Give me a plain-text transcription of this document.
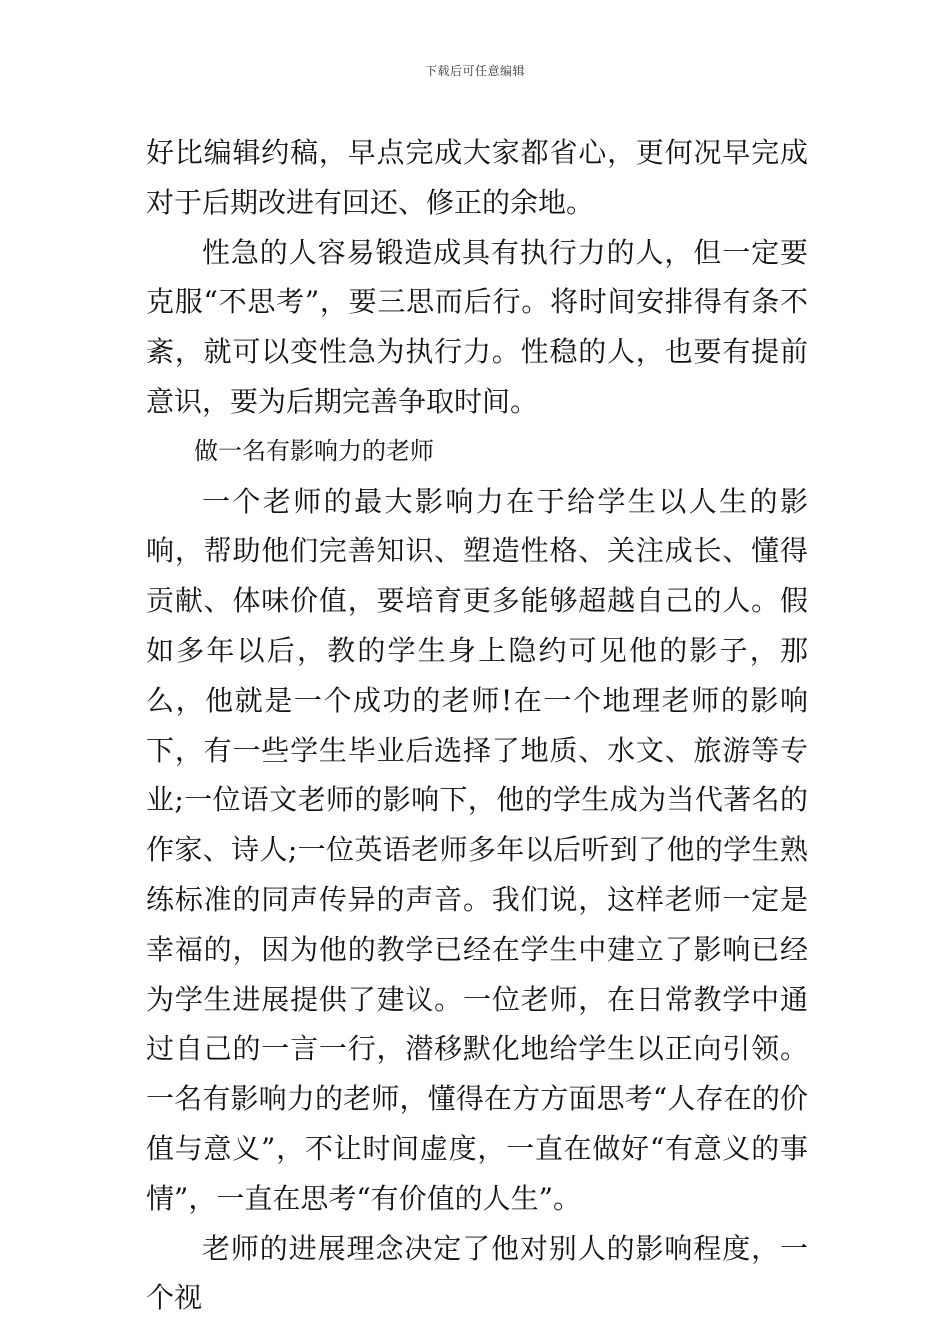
下载后可任意编辑

好比编辑约稿，早点完成大家都省心，更何况早完成对于后期改进有回还、修正的余地。

性急的人容易锻造成具有执行力的人，但一定要克服“不思考”，要三思而后行。将时间安排得有条不紊，就可以变性急为执行力。性稳的人，也要有提前意识，要为后期完善争取时间。

做一名有影响力的老师

一个老师的最大影响力在于给学生以人生的影响，帮助他们完善知识、塑造性格、关注成长、懂得贡献、体味价值，要培育更多能够超越自己的人。假如多年以后，教的学生身上隐约可见他的影子，那么，他就是一个成功的老师!在一个地理老师的影响下，有一些学生毕业后选择了地质、水文、旅游等专业;一位语文老师的影响下，他的学生成为当代著名的作家、诗人;一位英语老师多年以后听到了他的学生熟练标准的同声传异的声音。我们说，这样老师一定是幸福的，因为他的教学已经在学生中建立了影响已经为学生进展提供了建议。一位老师，在日常教学中通过自己的一言一行，潜移默化地给学生以正向引领。一名有影响力的老师，懂得在方方面思考“人存在的价值与意义”，不让时间虚度，一直在做好“有意义的事情”，一直在思考“有价值的人生”。

老师的进展理念决定了他对别人的影响程度，一个视
